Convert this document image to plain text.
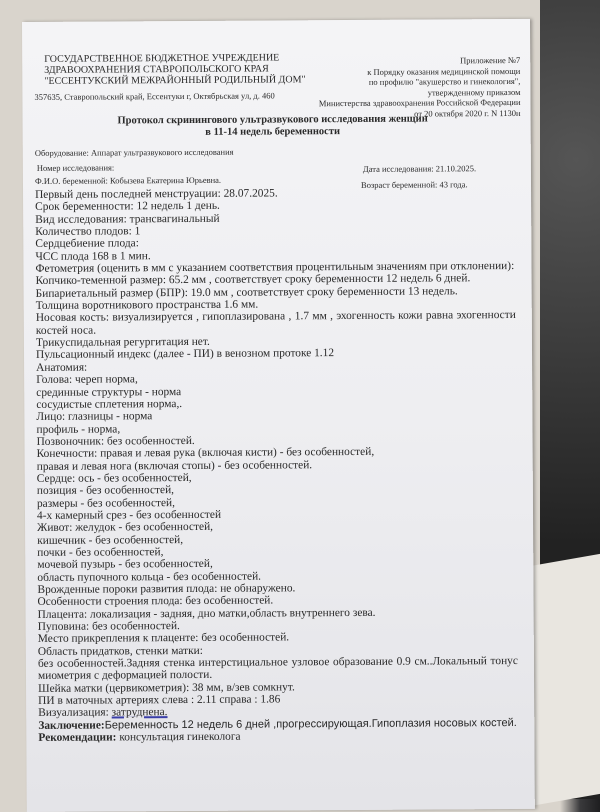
ГОСУДАРСТВЕННОЕ БЮДЖЕТНОЕ УЧРЕЖДЕНИЕ
ЗДРАВООХРАНЕНИЯ СТАВРОПОЛЬСКОГО КРАЯ
"ЕССЕНТУКСКИЙ МЕЖРАЙОННЫЙ РОДИЛЬНЫЙ ДОМ"
357635, Ставропольский край, Ессентуки г, Октябрьская ул, д. 460
Приложение №7
к Порядку оказания медицинской помощи
по профилю "акушерство и гинекология",
утвержденному приказом
Министерства здравоохранения Российской Федерации
от 20 октября 2020 г. N 1130н
Протокол скринингового ультразвукового исследования женщин
в 11-14 недель беременности
Оборудование: Аппарат ультразвукового исследования
Номер исследования:
Ф.И.О. беременной: Кобызева Екатерина Юрьевна.
Дата исследования: 21.10.2025.
Возраст беременной: 43 года.
Первый день последней менструации: 28.07.2025.
Срок беременности: 12 недель 1 день.
Вид исследования: трансвагинальный
Количество плодов: 1
Сердцебиение плода:
ЧСС плода 168 в 1 мин.
Фетометрия (оценить в мм с указанием соответствия процентильным значениям при отклонении):
Копчико-теменной размер: 65.2 мм , соответствует сроку беременности 12 недель 6 дней.
Бипариетальный размер (БПР): 19.0 мм , соответствует сроку беременности 13 недель.
Толщина воротникового пространства 1.6 мм.
Носовая кость: визуализируется , гипоплазирована , 1.7 мм , эхогенность кожи равна эхогенности костей носа.
Трикуспидальная регургитация нет.
Пульсационный индекс (далее - ПИ) в венозном протоке 1.12
Анатомия:
Голова: череп норма,
срединные структуры - норма
сосудистые сплетения норма,.
Лицо: глазницы - норма
профиль - норма,
Позвоночник: без особенностей.
Конечности: правая и левая рука (включая кисти) - без особенностей,
правая и левая нога (включая стопы) - без особенностей.
Сердце: ось - без особенностей,
позиция - без особенностей,
размеры - без особенностей,
4-х камерный срез - без особенностей
Живот: желудок - без особенностей,
кишечник - без особенностей,
почки - без особенностей,
мочевой пузырь - без особенностей,
область пупочного кольца - без особенностей.
Врожденные пороки развития плода: не обнаружено.
Особенности строения плода: без особенностей.
Плацента: локализация - задняя, дно матки,область внутреннего зева.
Пуповина: без особенностей.
Место прикрепления к плаценте: без особенностей.
Область придатков, стенки матки:
без особенностей.Задняя стенка интерстициальное узловое образование 0.9 см..Локальный тонус миометрия с деформацией полости.
Шейка матки (цервикометрия): 38 мм, в/зев сомкнут.
ПИ в маточных артериях слева : 2.11 справа : 1.86
Визуализация: затруднена.
Заключение:Беременность 12 недель 6 дней ,прогрессирующая.Гипоплазия носовых костей.
Рекомендации: консультация гинеколога
